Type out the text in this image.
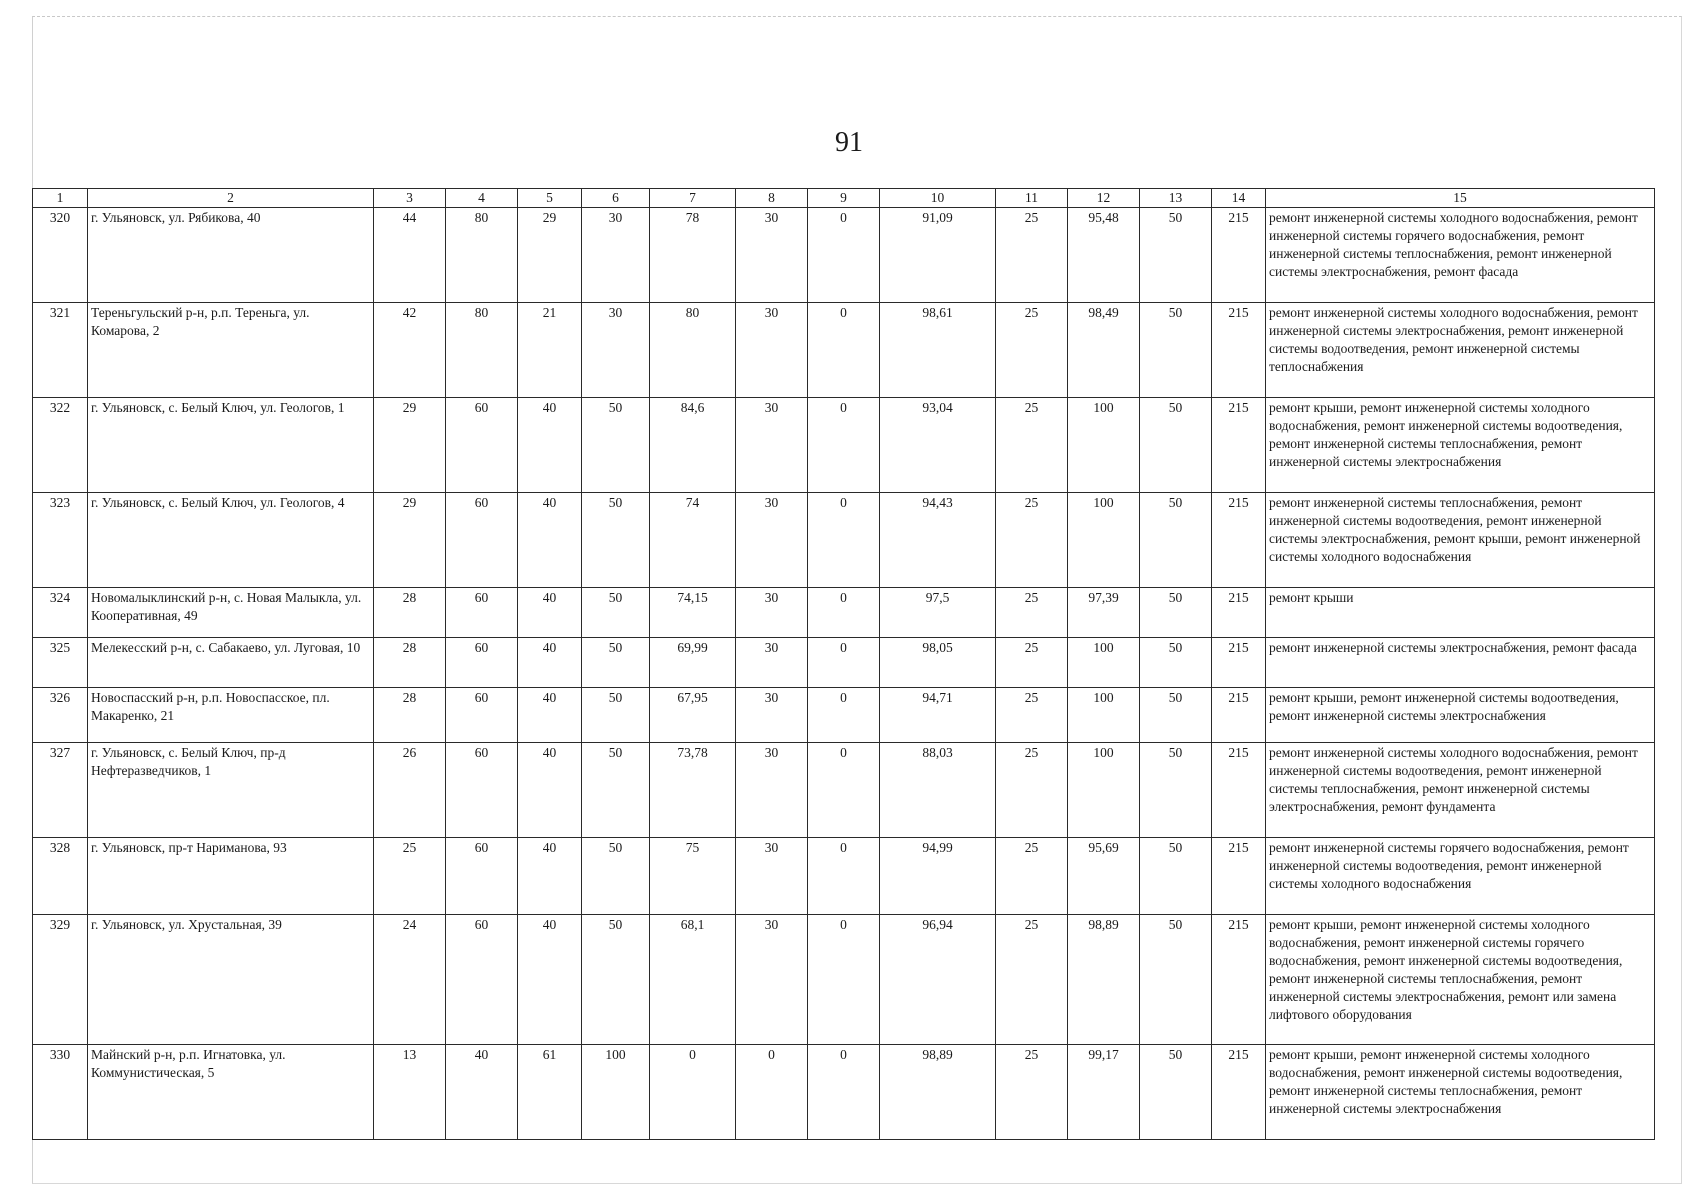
91
1	2	3	4	5	6	7	8	9	10	11	12	13	14	15
320	г. Ульяновск, ул. Рябикова, 40	44	80	29	30	78	30	0	91,09	25	95,48	50	215	ремонт инженерной системы холодного водоснабжения, ремонт инженерной системы горячего водоснабжения, ремонт инженерной системы теплоснабжения, ремонт инженерной системы электроснабжения, ремонт фасада
321	Тереньгульский р-н, р.п. Тереньга, ул. Комарова, 2	42	80	21	30	80	30	0	98,61	25	98,49	50	215	ремонт инженерной системы холодного водоснабжения, ремонт инженерной системы электроснабжения, ремонт инженерной системы водоотведения, ремонт инженерной системы теплоснабжения
322	г. Ульяновск, с. Белый Ключ, ул. Геологов, 1	29	60	40	50	84,6	30	0	93,04	25	100	50	215	ремонт крыши, ремонт инженерной системы холодного водоснабжения, ремонт инженерной системы водоотведения, ремонт инженерной системы теплоснабжения, ремонт инженерной системы электроснабжения
323	г. Ульяновск, с. Белый Ключ, ул. Геологов, 4	29	60	40	50	74	30	0	94,43	25	100	50	215	ремонт инженерной системы теплоснабжения, ремонт инженерной системы водоотведения, ремонт инженерной системы электроснабжения, ремонт крыши, ремонт инженерной системы холодного водоснабжения
324	Новомалыклинский р-н, с. Новая Малыкла, ул. Кооперативная, 49	28	60	40	50	74,15	30	0	97,5	25	97,39	50	215	ремонт крыши
325	Мелекесский р-н, с. Сабакаево, ул. Луговая, 10	28	60	40	50	69,99	30	0	98,05	25	100	50	215	ремонт инженерной системы электроснабжения, ремонт фасада
326	Новоспасский р-н, р.п. Новоспасское, пл. Макаренко, 21	28	60	40	50	67,95	30	0	94,71	25	100	50	215	ремонт крыши, ремонт инженерной системы водоотведения, ремонт инженерной системы электроснабжения
327	г. Ульяновск, с. Белый Ключ, пр-д Нефтеразведчиков, 1	26	60	40	50	73,78	30	0	88,03	25	100	50	215	ремонт инженерной системы холодного водоснабжения, ремонт инженерной системы водоотведения, ремонт инженерной системы теплоснабжения, ремонт инженерной системы электроснабжения, ремонт фундамента
328	г. Ульяновск, пр-т Нариманова, 93	25	60	40	50	75	30	0	94,99	25	95,69	50	215	ремонт инженерной системы горячего водоснабжения, ремонт инженерной системы водоотведения, ремонт инженерной системы холодного водоснабжения
329	г. Ульяновск, ул. Хрустальная, 39	24	60	40	50	68,1	30	0	96,94	25	98,89	50	215	ремонт крыши, ремонт инженерной системы холодного водоснабжения, ремонт инженерной системы горячего водоснабжения, ремонт инженерной системы водоотведения, ремонт инженерной системы теплоснабжения, ремонт инженерной системы электроснабжения, ремонт или замена лифтового оборудования
330	Майнский р-н, р.п. Игнатовка, ул. Коммунистическая, 5	13	40	61	100	0	0	0	98,89	25	99,17	50	215	ремонт крыши, ремонт инженерной системы холодного водоснабжения, ремонт инженерной системы водоотведения, ремонт инженерной системы теплоснабжения, ремонт инженерной системы электроснабжения
